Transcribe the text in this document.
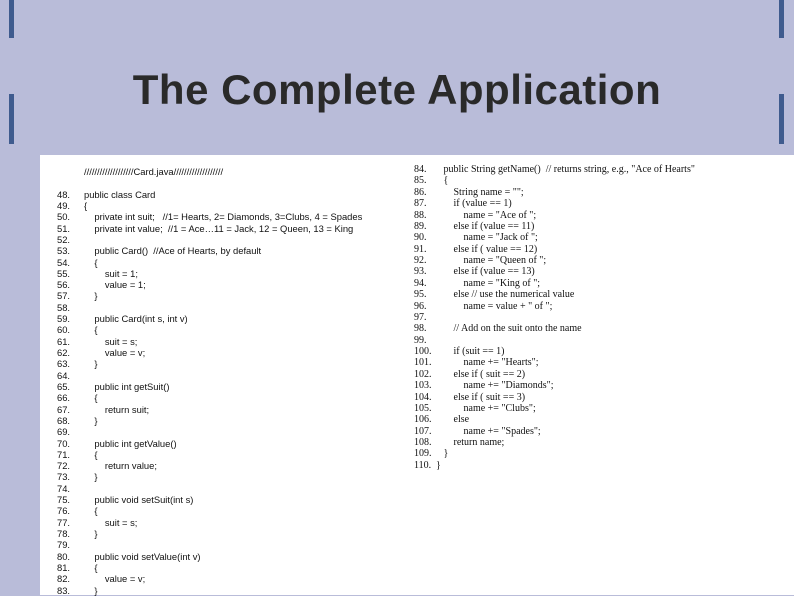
The Complete Application
///////////////////Card.java///////////////////
48. public class Card
49. {
50.    private int suit;   //1= Hearts, 2= Diamonds, 3=Clubs, 4 = Spades
51.    private int value;  //1 = Ace…11 = Jack, 12 = Queen, 13 = King
52.
53.    public Card()  //Ace of Hearts, by default
54.    {
55.        suit = 1;
56.        value = 1;
57.    }
58.
59.    public Card(int s, int v)
60.    {
61.        suit = s;
62.        value = v;
63.    }
64.
65.    public int getSuit()
66.    {
67.        return suit;
68.    }
69.
70.    public int getValue()
71.    {
72.        return value;
73.    }
74.
75.    public void setSuit(int s)
76.    {
77.        suit = s;
78.    }
79.
80.    public void setValue(int v)
81.    {
82.        value = v;
83.    }
84.   public String getName()  // returns string, e.g., "Ace of Hearts"
85.   {
86.       String name = "";
87.       if (value == 1)
88.           name = "Ace of ";
89.       else if (value == 11)
90.           name = "Jack of ";
91.       else if ( value == 12)
92.           name = "Queen of ";
93.       else if (value == 13)
94.           name = "King of ";
95.       else // use the numerical value
96.           name = value + " of ";
97.
98.       // Add on the suit onto the name
99.
100.       if (suit == 1)
101.           name += "Hearts";
102.       else if ( suit == 2)
103.           name += "Diamonds";
104.       else if ( suit == 3)
105.           name += "Clubs";
106.       else
107.           name += "Spades";
108.       return name;
109.   }
110. }
